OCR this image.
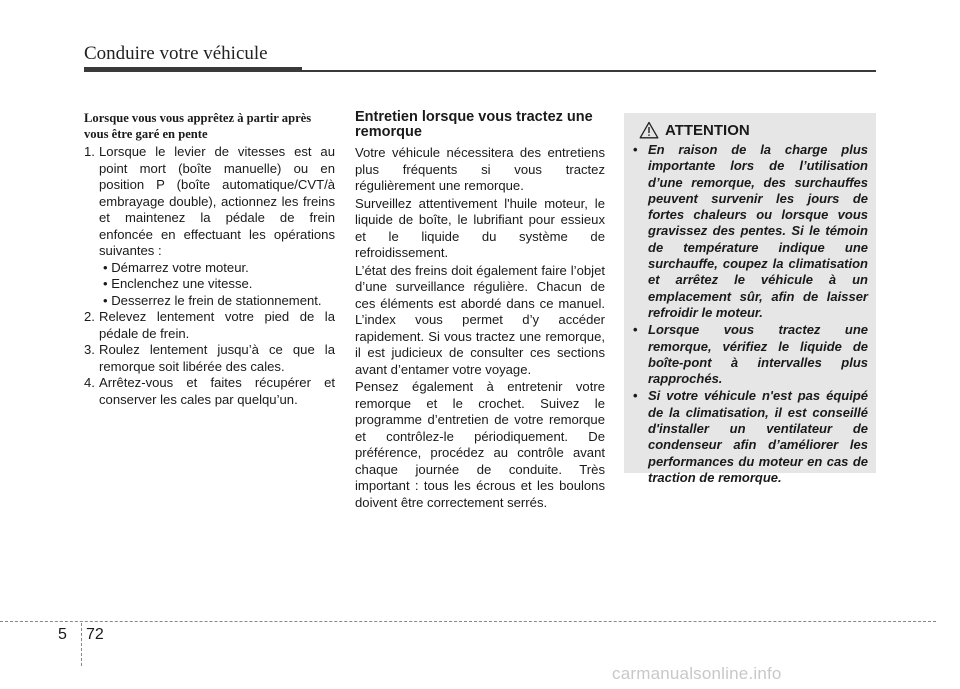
Conduire votre véhicule

Lorsque vous vous apprêtez à partir après vous être garé en pente

1. Lorsque le levier de vitesses est au point mort (boîte manuelle) ou en position P (boîte automatique/CVT/à embrayage double), actionnez les freins et maintenez la pédale de frein enfoncée en effectuant les opérations suivantes :
• Démarrez votre moteur.
• Enclenchez une vitesse.
• Desserrez le frein de stationnement.
2. Relevez lentement votre pied de la pédale de frein.
3. Roulez lentement jusqu’à ce que la remorque soit libérée des cales.
4. Arrêtez-vous et faites récupérer et conserver les cales par quelqu’un.
Entretien lorsque vous tractez une remorque

Votre véhicule nécessitera des entretiens plus fréquents si vous tractez régulièrement une remorque.

Surveillez attentivement l'huile moteur, le liquide de boîte, le lubrifiant pour essieux et le liquide du système de refroidissement.

L’état des freins doit également faire l’objet d’une surveillance régulière. Chacun de ces éléments est abordé dans ce manuel. L’index vous permet d’y accéder rapidement. Si vous tractez une remorque, il est judicieux de consulter ces sections avant d’entamer votre voyage.

Pensez également à entretenir votre remorque et le crochet. Suivez le programme d’entretien de votre remorque et contrôlez-le périodiquement. De préférence, procédez au contrôle avant chaque journée de conduite. Très important : tous les écrous et les boulons doivent être correctement serrés.

ATTENTION
• En raison de la charge plus importante lors de l’utilisation d’une remorque, des surchauffes peuvent survenir les jours de fortes chaleurs ou lorsque vous gravissez des pentes. Si le témoin de température indique une surchauffe, coupez la climatisation et arrêtez le véhicule à un emplacement sûr, afin de laisser refroidir le moteur.
• Lorsque vous tractez une remorque, vérifiez le liquide de boîte-pont à intervalles plus rapprochés.
• Si votre véhicule n'est pas équipé de la climatisation, il est conseillé d'installer un ventilateur de condenseur afin d’améliorer les performances du moteur en cas de traction de remorque.
5 72
carmanualsonline.info
